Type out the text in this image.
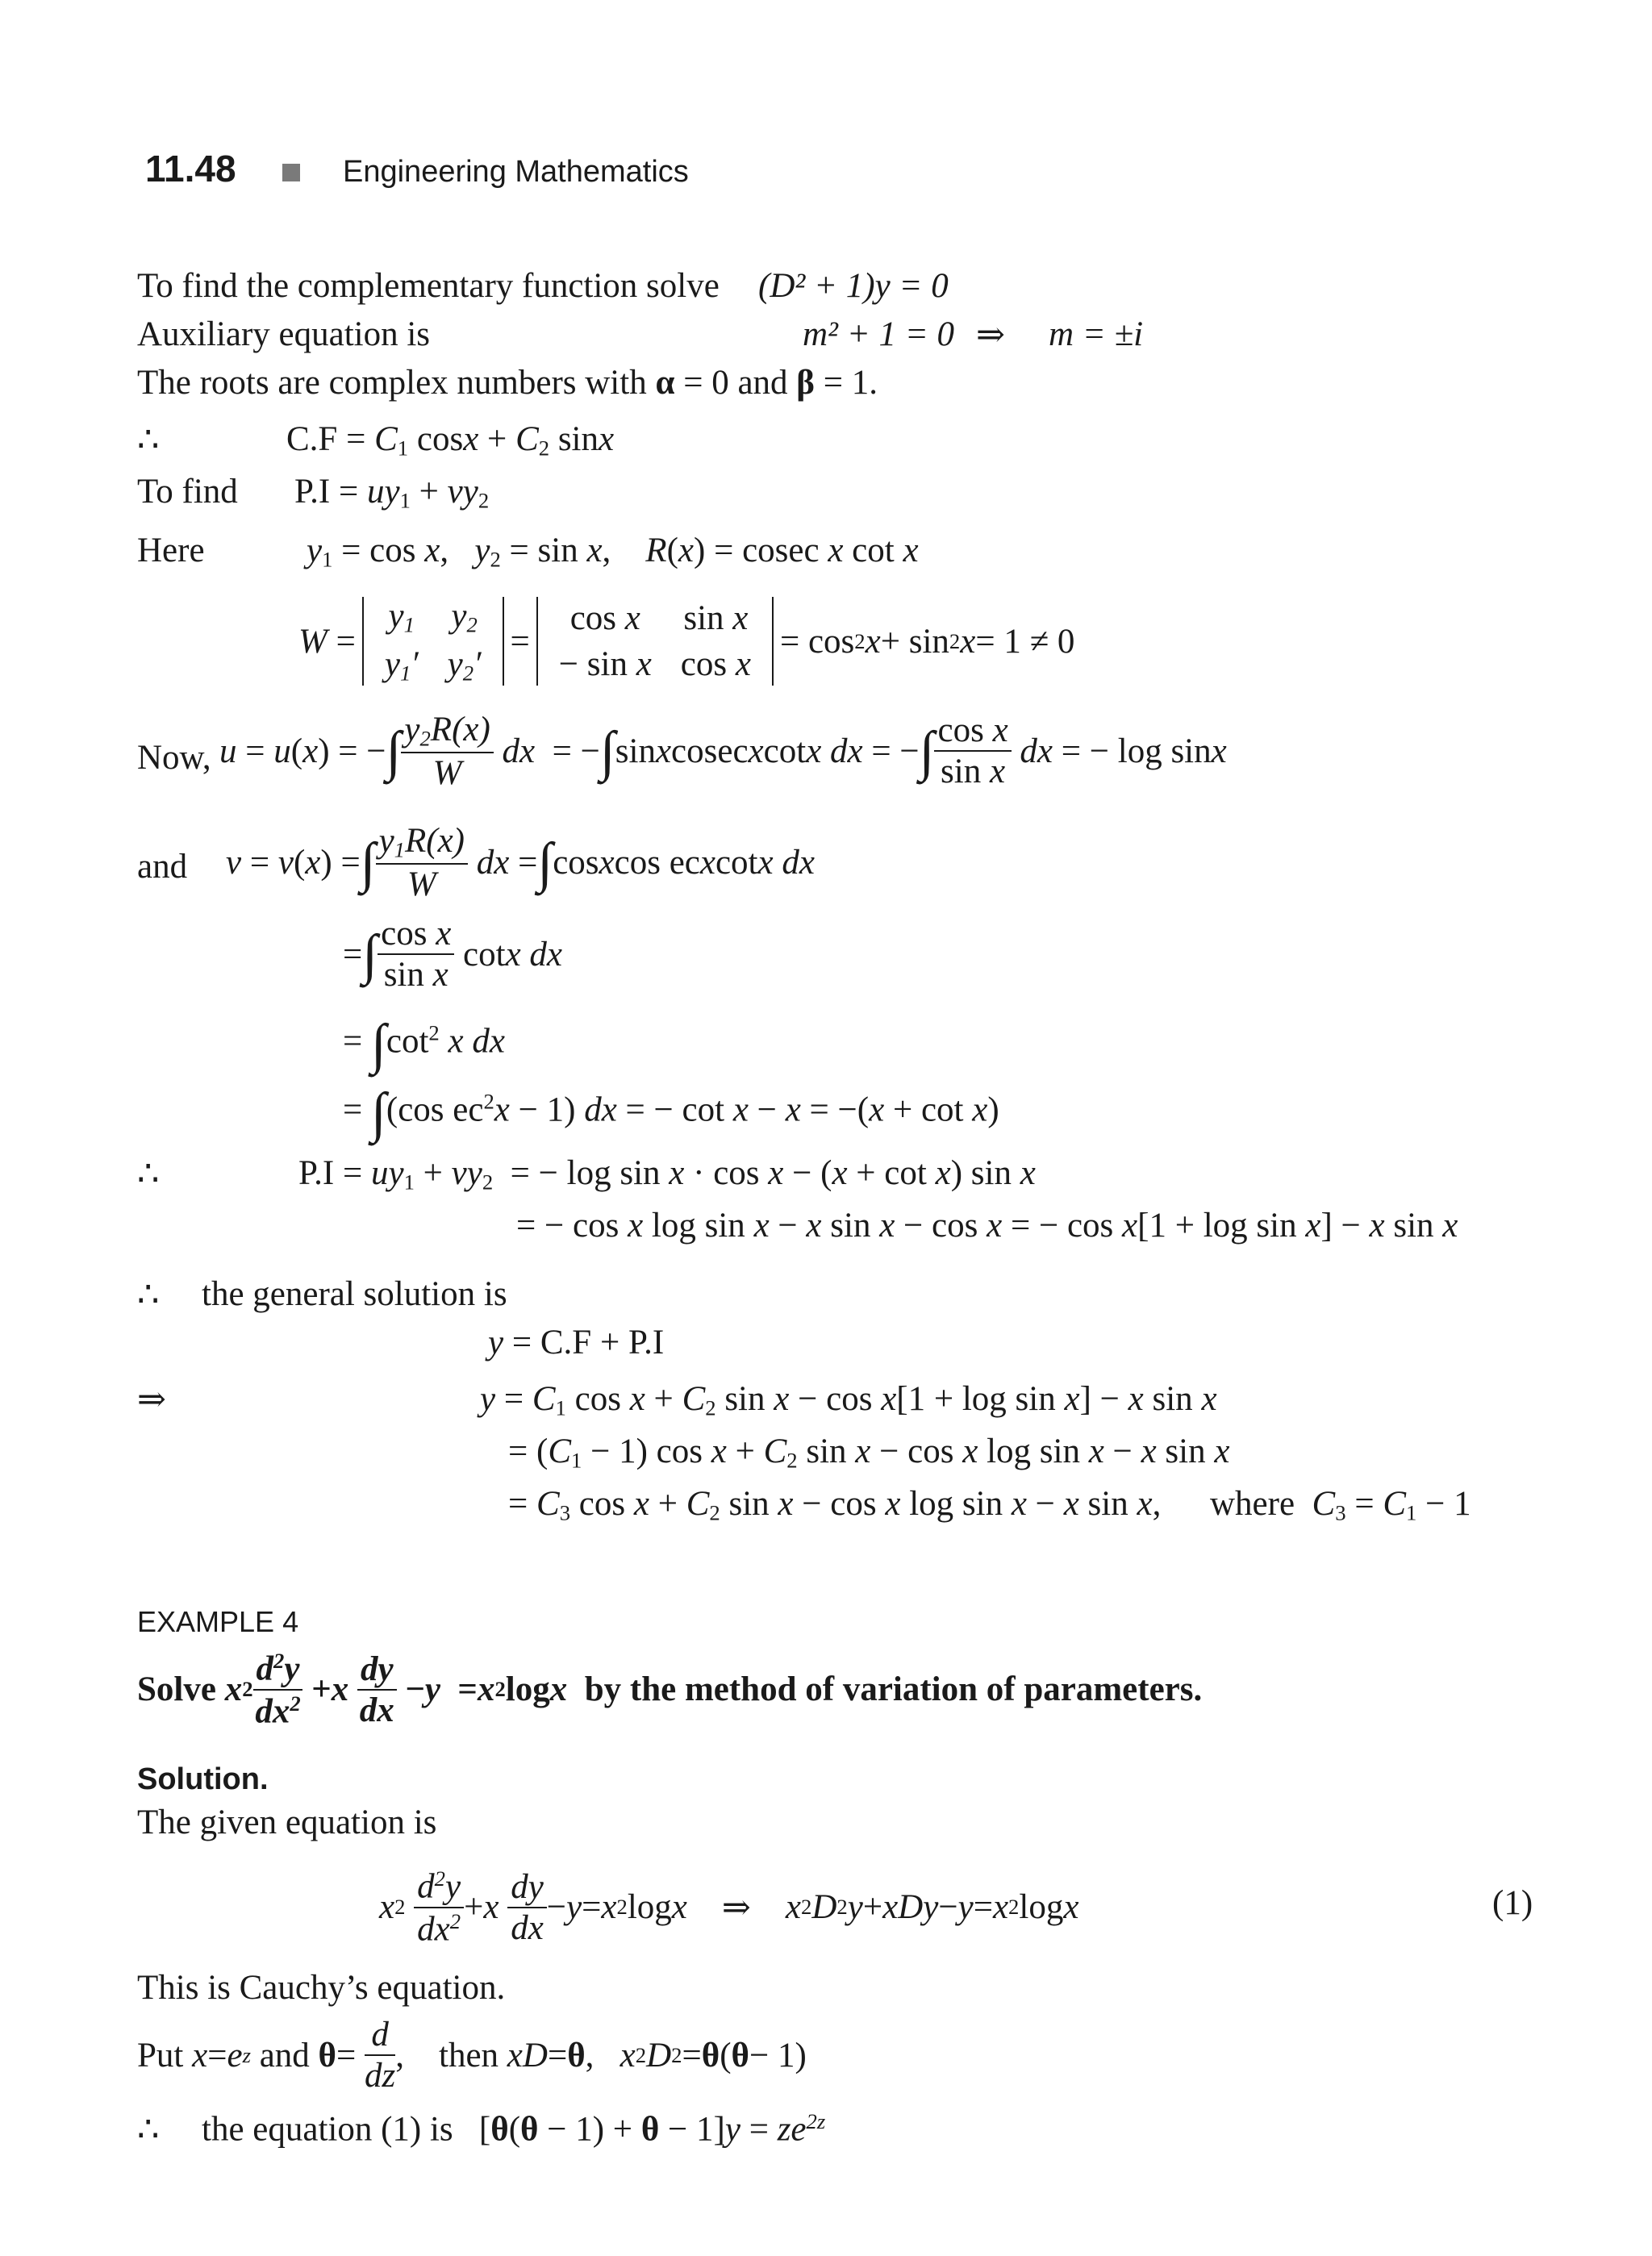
11.48	Engineering Mathematics
To find the complementary function solve (D² + 1)y = 0
Auxiliary equation is	m² + 1 = 0 ⇒ m = ±i
The roots are complex numbers with α = 0 and β = 1.
∴	$C.F = C_1$ $\cos x + C_2$ sinx
To find $P.I = uy_1 + vy_2$
Here	$y_1 = \cos x$,   $y_2 = \sin x$,    R(x) = cosec x cot x
W =
$y_1$	$y_2$
$y_1'$	$y_2'$
=
cos x	sin x
− sin x	cos x
= cos 2 x + sin 2 x = 1 ≠ 0
Now, u = u ( x ) = − ∫ $\frac{y_2R(x)}{W}$ dx = − ∫ sin x cosec x cot x dx = − ∫ $\frac{\text{cos x}}{\text{sin x}}$ dx = − log sin x
and v = v ( x ) = ∫ $\frac{y_1R(x)}{W}$ dx = ∫ cos x cos ec x cot x dx
= ∫ $\frac{\text{cos x}}{\text{sin x}}$ cot x dx
= $\int\cot^2$ x dx
= ∫(cos $ec^2x - 1$) dx = − cot x − x = −(x + cot x)
∴	$P.I = uy_1 + vy_2$  = − log sin x · cos x − (x + cot x) sin x
= − cos x log sin x − x sin x − cos x = − cos x[1 + log sin x] − x sin x
∴ the general solution is
y = C.F + P.I
⇒	$y = C_1$ $\cos x + C_2$ sin x − cos x[1 + log sin x] − x sin x
= $(C_1 - 1)$ $\cos x + C_2$ sin x − cos x log sin x − x sin x
= $C_3$ $\cos x + C_2$ sin x − cos x log sin x − x sin x, where $C_3 = C_1 - 1$
EXAMPLE 4
Solve
x $2 \frac{d^2y}{dx^2} + x$
$\frac{dy}{dx} - y = x$ 2 log x
by the method of variation of parameters.
Solution.
The given equation is
x 2
$\frac{d^2y}{dx^2} + x$
$\frac{dy}{dx} - y = x$ 2 log x ⇒ x 2 D 2 y + xDy − y = x 2 log x	(1)
This is Cauchy’s equation.
Put
x = e z and $\theta = \frac{d}{dz}$ , then
xD = θ , x 2 D 2 = θ ( θ − 1)
∴ the equation (1) is   $[\theta(\theta - 1) + \theta - 1]y = ze^{2z}$
